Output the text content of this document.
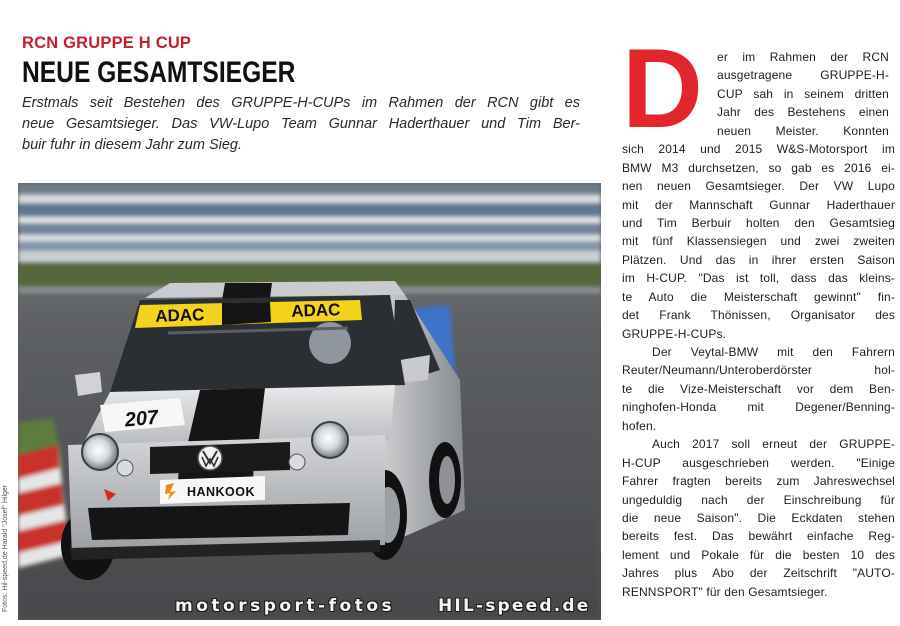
RCN GRUPPE H CUP
NEUE GESAMTSIEGER
Erstmals seit Bestehen des GRUPPE-H-CUPs im Rahmen der RCN gibt es
neue Gesamtsieger. Das VW-Lupo Team Gunnar Haderthauer und Tim Ber-
buir fuhr in diesem Jahr zum Sieg.
ADAC	ADAC
207
HANKOOK
motorsport-fotos	HIL-speed.de
Fotos: Hil-speed.de Harald "Josef" Hilger
D er im Rahmen der RCN
ausgetragene GRUPPE-H-
CUP sah in seinem dritten
Jahr des Bestehens einen
neuen Meister. Konnten
sich 2014 und 2015 W&S-Motorsport im
BMW M3 durchsetzen, so gab es 2016 ei-
nen neuen Gesamtsieger. Der VW Lupo
mit der Mannschaft Gunnar Haderthauer
und Tim Berbuir holten den Gesamtsieg
mit fünf Klassensiegen und zwei zweiten
Plätzen. Und das in ihrer ersten Saison
im H-CUP. "Das ist toll, dass das kleins-
te Auto die Meisterschaft gewinnt" fin-
det Frank Thönissen, Organisator des
GRUPPE-H-CUPs.
Der Veytal-BMW mit den Fahrern
Reuter/Neumann/Unteroberdörster hol-
te die Vize-Meisterschaft vor dem Ben-
ninghofen-Honda mit Degener/Benning-
hofen.
Auch 2017 soll erneut der GRUPPE-
H-CUP ausgeschrieben werden. "Einige
Fahrer fragten bereits zum Jahreswechsel
ungeduldig nach der Einschreibung für
die neue Saison". Die Eckdaten stehen
bereits fest. Das bewährt einfache Reg-
lement und Pokale für die besten 10 des
Jahres plus Abo der Zeitschrift "AUTO-
RENNSPORT" für den Gesamtsieger.
